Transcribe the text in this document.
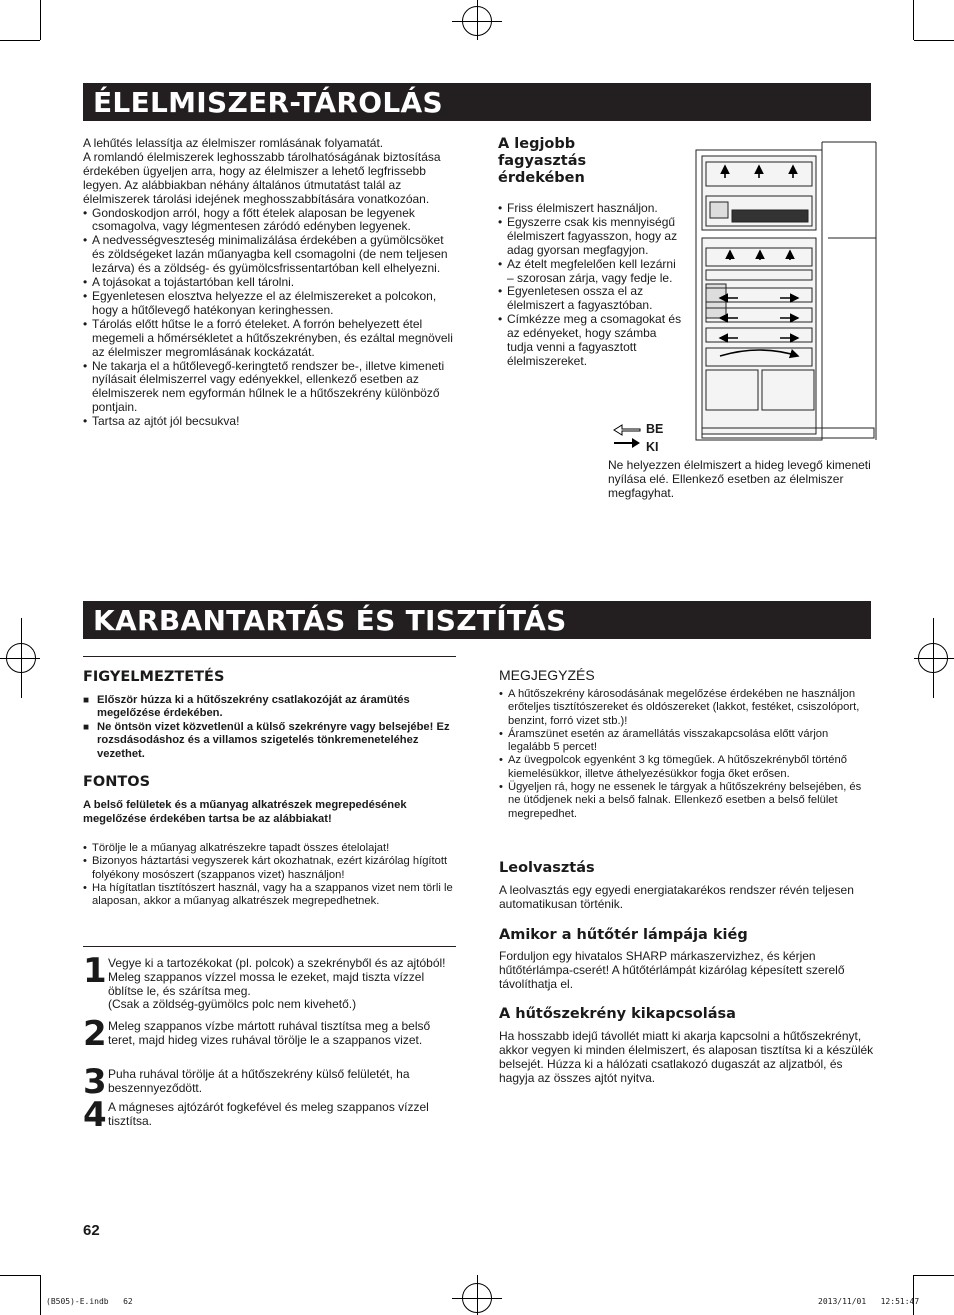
ÉLELMISZER-TÁROLÁS

A lehűtés lelassítja az élelmiszer romlásának folyamatát.

A romlandó élelmiszerek leghosszabb tárolhatóságának biztosítása érdekében ügyeljen arra, hogy az élelmiszer a lehető legfrissebb legyen. Az alábbiakban néhány általános útmutatást talál az élelmiszerek tárolási idejének meghosszabbítására vonatkozóan.

• Gondoskodjon arról, hogy a főtt ételek alaposan be legyenek csomagolva, vagy légmentesen záródó edényben legyenek.
• A nedvességveszteség minimalizálása érdekében a gyümölcsöket és zöldségeket lazán műanyagba kell csomagolni (de nem teljesen lezárva) és a zöldség- és gyümölcsfrissentartóban kell elhelyezni.
• A tojásokat a tojástartóban kell tárolni.
• Egyenletesen elosztva helyezze el az élelmiszereket a polcokon, hogy a hűtőlevegő hatékonyan keringhessen.
• Tárolás előtt hűtse le a forró ételeket. A forrón behelyezett étel megemeli a hőmérsékletet a hűtőszekrényben, és ezáltal megnöveli az élelmiszer megromlásának kockázatát.
• Ne takarja el a hűtőlevegő-keringtető rendszer be-, illetve kimeneti nyílásait élelmiszerrel vagy edényekkel, ellenkező esetben az élelmiszerek nem egyformán hűlnek le a hűtőszekrény különböző pontjain.
• Tartsa az ajtót jól becsukva!

A legjobb fagyasztás érdekében

• Friss élelmiszert használjon.
• Egyszerre csak kis mennyiségű élelmiszert fagyasszon, hogy az adag gyorsan megfagyjon.
• Az ételt megfelelően kell lezárni – szorosan zárja, vagy fedje le.
• Egyenletesen ossza el az élelmiszert a fagyasztóban.
• Címkézze meg a csomagokat és az edényeket, hogy számba tudja venni a fagyasztott élelmiszereket.
BE
KI
Ne helyezzen élelmiszert a hideg levegő kimeneti nyílása elé. Ellenkező esetben az élelmiszer megfagyhat.
KARBANTARTÁS ÉS TISZTÍTÁS

FIGYELMEZTETÉS

■ Először húzza ki a hűtőszekrény csatlakozóját az áramütés megelőzése érdekében.
■ Ne öntsön vizet közvetlenül a külső szekrényre vagy belsejébe! Ez rozsdásodáshoz és a villamos szigetelés tönkremeneteléhez vezethet.

FONTOS

A belső felületek és a műanyag alkatrészek megrepedésének megelőzése érdekében tartsa be az alábbiakat!

• Törölje le a műanyag alkatrészekre tapadt összes ételolajat!
• Bizonyos háztartási vegyszerek kárt okozhatnak, ezért kizárólag hígított folyékony mosószert (szappanos vizet) használjon!
• Ha hígítatlan tisztítószert használ, vagy ha a szappanos vizet nem törli le alaposan, akkor a műanyag alkatrészek megrepedhetnek.
1 Vegye ki a tartozékokat (pl. polcok) a szekrényből és az ajtóból! Meleg szappanos vízzel mossa le ezeket, majd tiszta vízzel öblítse le, és szárítsa meg.
(Csak a zöldség-gyümölcs polc nem kivehető.)
2 Meleg szappanos vízbe mártott ruhával tisztítsa meg a belső teret, majd hideg vizes ruhával törölje le a szappanos vizet.
3 Puha ruhával törölje át a hűtőszekrény külső felületét, ha beszennyeződött.
4 A mágneses ajtózárót fogkefével és meleg szappanos vízzel tisztítsa.

MEGJEGYZÉS

• A hűtőszekrény károsodásának megelőzése érdekében ne használjon erőteljes tisztítószereket és oldószereket (lakkot, festéket, csiszolóport, benzint, forró vizet stb.)!
• Áramszünet esetén az áramellátás visszakapcsolása előtt várjon legalább 5 percet!
• Az üvegpolcok egyenként 3 kg tömegűek. A hűtőszekrényből történő kiemelésükkor, illetve áthelyezésükkor fogja őket erősen.
• Ügyeljen rá, hogy ne essenek le tárgyak a hűtőszekrény belsejében, és ne ütődjenek neki a belső falnak. Ellenkező esetben a belső felület megrepedhet.

Leolvasztás

A leolvasztás egy egyedi energiatakarékos rendszer révén teljesen automatikusan történik.

Amikor a hűtőtér lámpája kiég

Forduljon egy hivatalos SHARP márkaszervizhez, és kérjen hűtőtérlámpa-cserét! A hűtőtérlámpát kizárólag képesített szerelő távolíthatja el.

A hűtőszekrény kikapcsolása

Ha hosszabb idejű távollét miatt ki akarja kapcsolni a hűtőszekrényt, akkor vegyen ki minden élelmiszert, és alaposan tisztítsa ki a készülék belsejét. Húzza ki a hálózati csatlakozó dugaszát az aljzatból, és hagyja az összes ajtót nyitva.

62
(B505)-E.indb   62	2013/11/01   12:51:47
